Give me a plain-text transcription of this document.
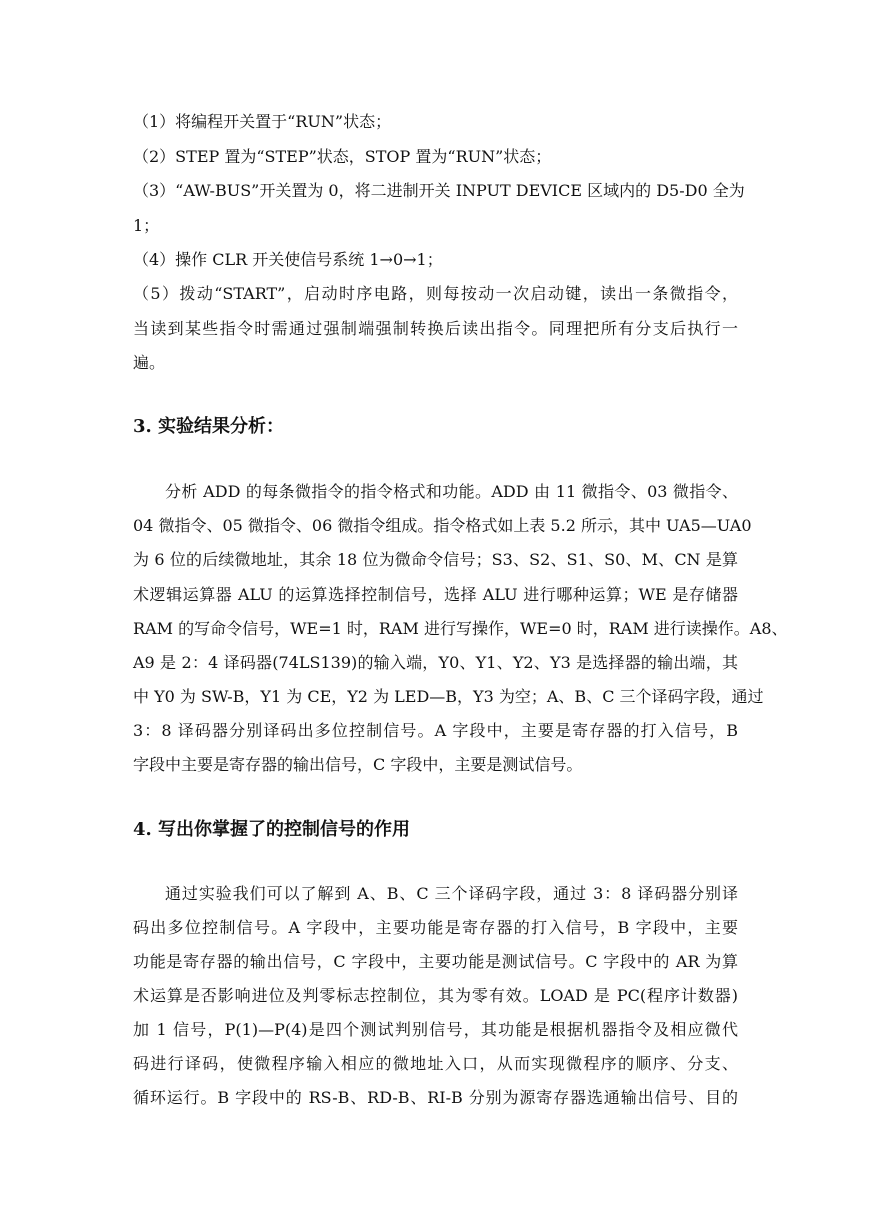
（1）将编程开关置于“RUN”状态；
（2）STEP 置为“STEP”状态，STOP 置为“RUN”状态；
（3）“AW-BUS”开关置为 0，将二进制开关 INPUT DEVICE 区域内的 D5-D0 全为
1；
（4）操作 CLR 开关使信号系统 1→0→1；
（5）拨动“START”，启动时序电路，则每按动一次启动键，读出一条微指令，
当读到某些指令时需通过强制端强制转换后读出指令。同理把所有分支后执行一
遍。
3. 实验结果分析：
分析 ADD 的每条微指令的指令格式和功能。ADD 由 11 微指令、03 微指令、
04 微指令、05 微指令、06 微指令组成。指令格式如上表 5.2 所示，其中 UA5—UA0
为 6 位的后续微地址，其余 18 位为微命令信号；S3、S2、S1、S0、M、CN 是算
术逻辑运算器 ALU 的运算选择控制信号，选择 ALU 进行哪种运算；WE 是存储器
RAM 的写命令信号，WE=1 时，RAM 进行写操作，WE=0 时，RAM 进行读操作。A8、
A9 是 2：4 译码器(74LS139)的输入端，Y0、Y1、Y2、Y3 是选择器的输出端，其
中 Y0 为 SW-B，Y1 为 CE，Y2 为 LED—B，Y3 为空；A、B、C 三个译码字段，通过
3：8 译码器分别译码出多位控制信号。A 字段中，主要是寄存器的打入信号，B
字段中主要是寄存器的输出信号，C 字段中，主要是测试信号。
4. 写出你掌握了的控制信号的作用
通过实验我们可以了解到 A、B、C 三个译码字段，通过 3：8 译码器分别译
码出多位控制信号。A 字段中，主要功能是寄存器的打入信号，B 字段中，主要
功能是寄存器的输出信号，C 字段中，主要功能是测试信号。C 字段中的 AR 为算
术运算是否影响进位及判零标志控制位，其为零有效。LOAD 是 PC(程序计数器)
加 1 信号，P(1)—P(4)是四个测试判别信号，其功能是根据机器指令及相应微代
码进行译码，使微程序输入相应的微地址入口，从而实现微程序的顺序、分支、
循环运行。B 字段中的 RS-B、RD-B、RI-B 分别为源寄存器选通输出信号、目的
